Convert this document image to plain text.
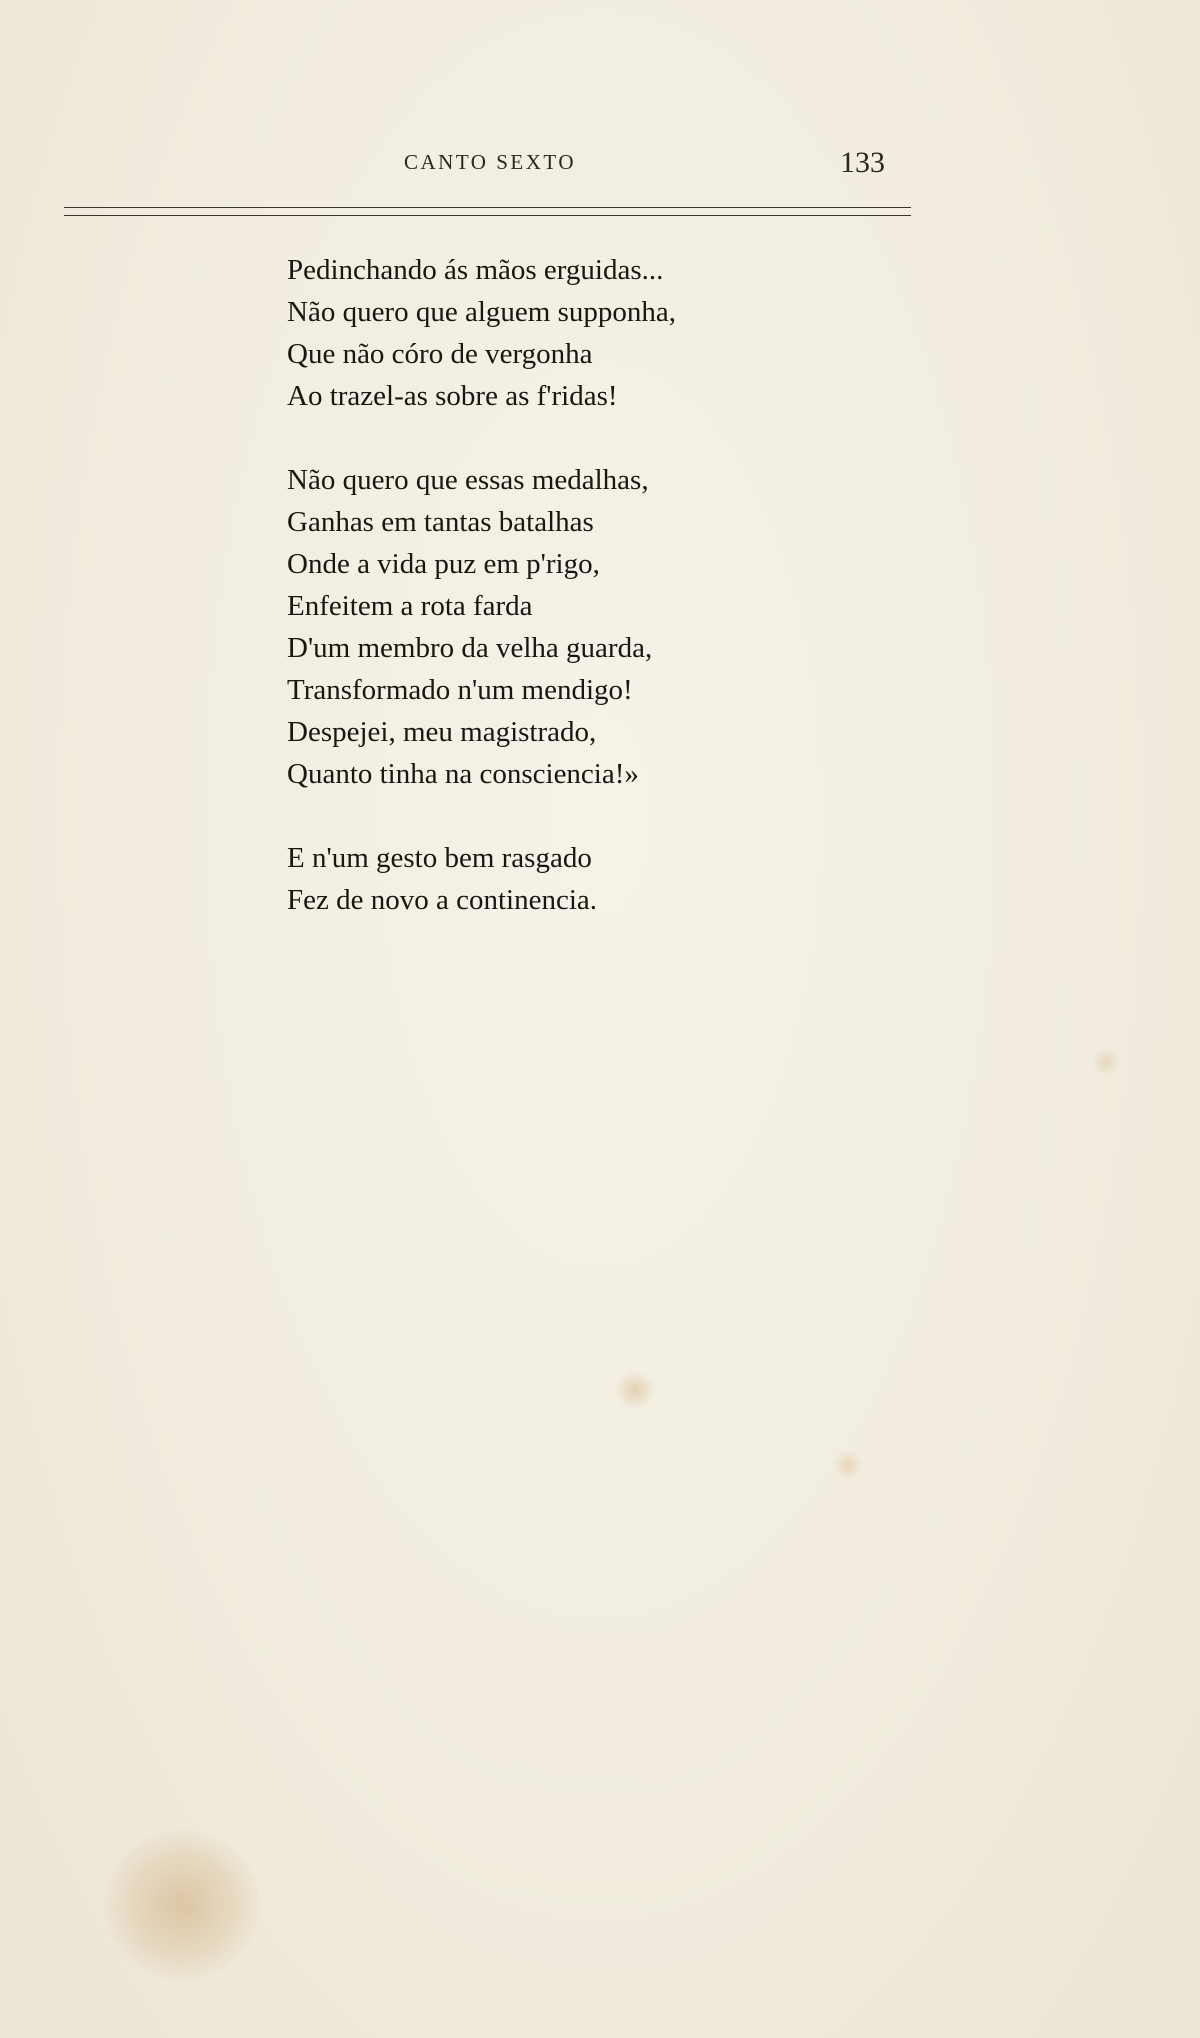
CANTO SEXTO	133
Pedinchando ás mãos erguidas...
Não quero que alguem supponha,
Que não córo de vergonha
Ao trazel-as sobre as f'ridas!
Não quero que essas medalhas,
Ganhas em tantas batalhas
Onde a vida puz em p'rigo,
Enfeitem a rota farda
D'um membro da velha guarda,
Transformado n'um mendigo!
Despejei, meu magistrado,
Quanto tinha na consciencia!»
E n'um gesto bem rasgado
Fez de novo a continencia.
